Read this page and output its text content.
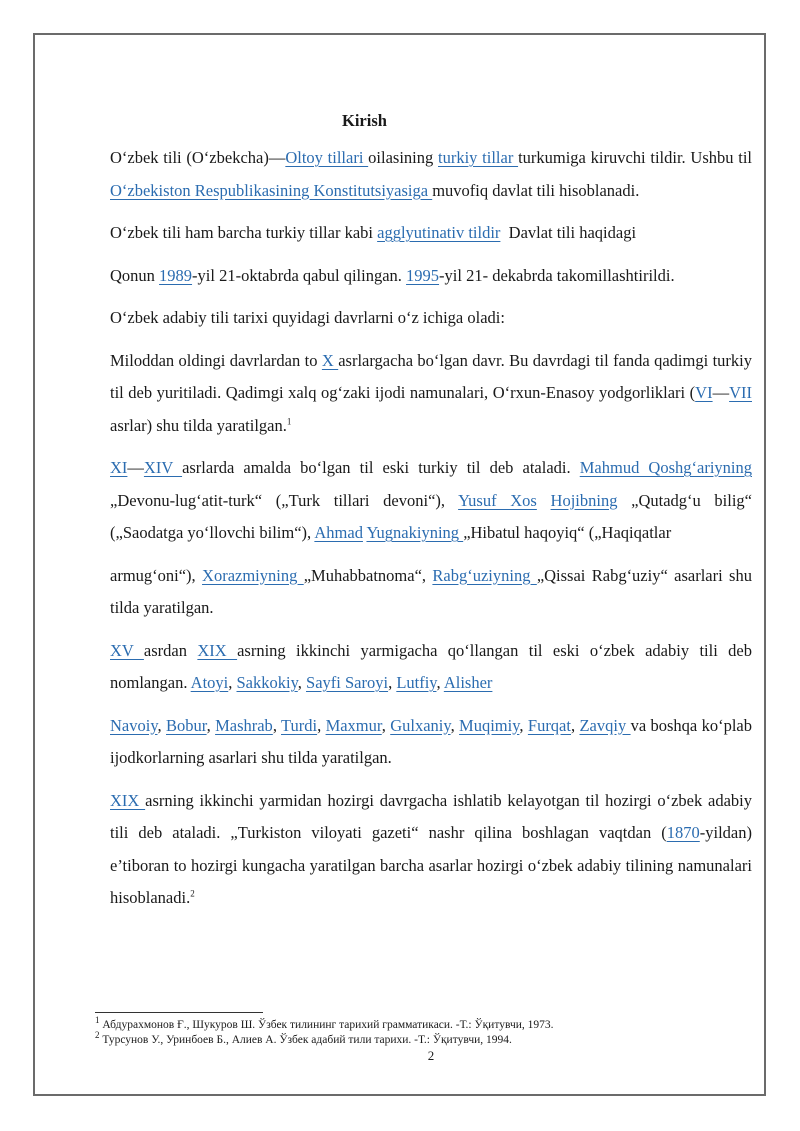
Kirish

O‘zbek tili (O‘zbekcha)—Oltoy tillari oilasining turkiy tillar turkumiga kiruvchi tildir. Ushbu til O‘zbekiston Respublikasining Konstitutsiyasiga muvofiq davlat tili hisoblanadi.

O‘zbek tili ham barcha turkiy tillar kabi agglyutinativ tildir  Davlat tili haqidagi

Qonun 1989-yil 21-oktabrda qabul qilingan. 1995-yil 21- dekabrda takomillashtirildi.

O‘zbek adabiy tili tarixi quyidagi davrlarni o‘z ichiga oladi:

Miloddan oldingi davrlardan to X asrlargacha bo‘lgan davr. Bu davrdagi til fanda qadimgi turkiy til deb yuritiladi. Qadimgi xalq og‘zaki ijodi namunalari, O‘rxun-Enasoy yodgorliklari (VI—VII asrlar) shu tilda yaratilgan.$^1$

XI—XIV asrlarda amalda bo‘lgan til eski turkiy til deb ataladi. Mahmud Qoshg‘ariyning „Devonu-lug‘atit-turk“ („Turk tillari devoni“), Yusuf Xos Hojibning „Qutadg‘u bilig“ („Saodatga yo‘llovchi bilim“), Ahmad Yugnakiyning „Hibatul haqoyiq“ („Haqiqatlar

armug‘oni“), Xorazmiyning „Muhabbatnoma“, Rabg‘uziyning „Qissai Rabg‘uziy“ asarlari shu tilda yaratilgan.

XV asrdan XIX asrning ikkinchi yarmigacha qo‘llangan til eski o‘zbek adabiy tili deb nomlangan. Atoyi, Sakkokiy, Sayfi Saroyi, Lutfiy, Alisher

Navoiy, Bobur, Mashrab, Turdi, Maxmur, Gulxaniy, Muqimiy, Furqat, Zavqiy va boshqa ko‘plab ijodkorlarning asarlari shu tilda yaratilgan.

XIX asrning ikkinchi yarmidan hozirgi davrgacha ishlatib kelayotgan til hozirgi o‘zbek adabiy tili deb ataladi. „Turkiston viloyati gazeti“ nashr qilina boshlagan vaqtdan (1870-yildan) e’tiboran to hozirgi kungacha yaratilgan barcha asarlar hozirgi o‘zbek adabiy tilining namunalari hisoblanadi.$^2$

$^1$ Абдурахмонов Ғ., Шукуров Ш. Ўзбек тилининг тарихий грамматикаси. -Т.: Ўқитувчи, 1973.
$^2$ Турсунов У., Уринбоев Б., Алиев А. Ўзбек адабий тили тарихи. -Т.: Ўқитувчи, 1994.
2
